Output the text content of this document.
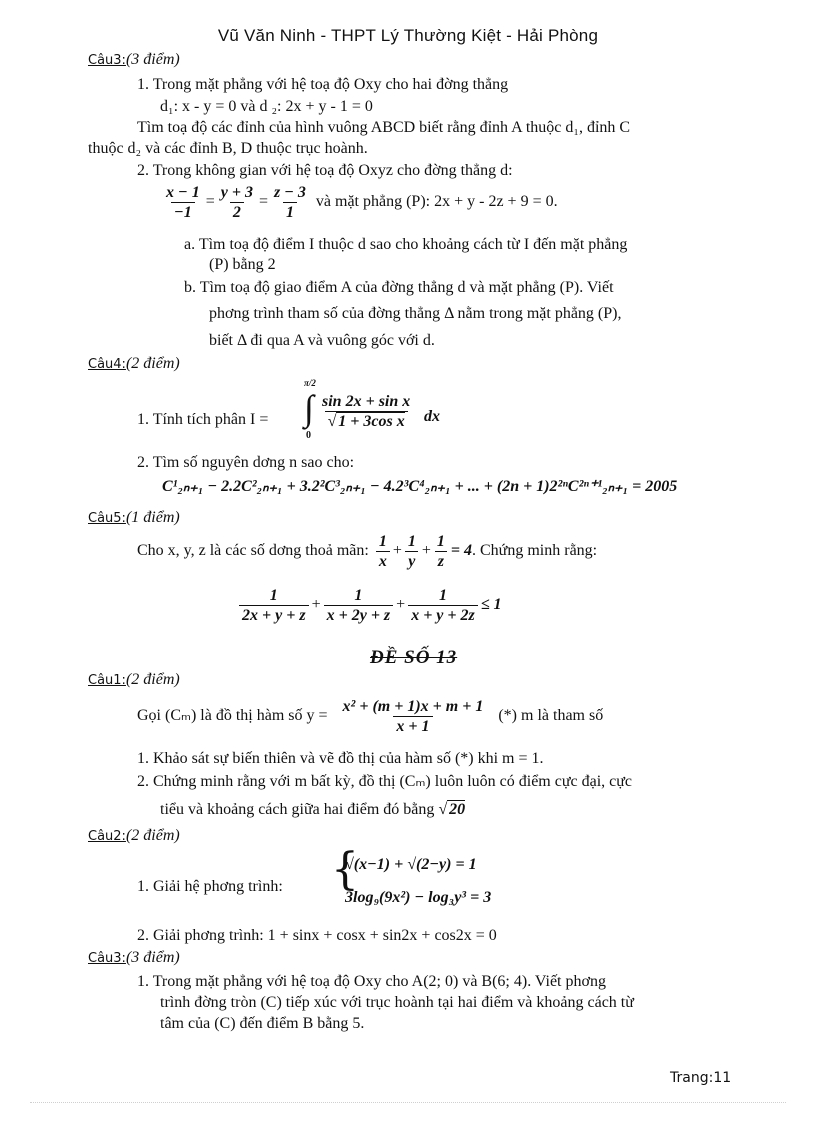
Vũ Văn Ninh - THPT Lý Thường Kiệt - Hải Phòng
Câu3:(3 điểm)
1. Trong mặt phẳng với hệ toạ độ Oxy cho hai đờng thẳng
d₁: x - y = 0 và d ₂: 2x + y - 1 = 0
Tìm toạ độ các đỉnh của hình vuông ABCD biết rằng đỉnh A thuộc d₁, đỉnh C
thuộc d₂ và các đỉnh B, D thuộc trục hoành.
2. Trong không gian với hệ toạ độ Oxyz cho đờng thẳng d:
$\frac{x - 1}{-1} = \frac{y + 3}{2} = \frac{z - 3}{1}$ và mặt phẳng (P): 2x + y - 2z + 9 = 0.
a. Tìm toạ độ điểm I thuộc d sao cho khoảng cách từ I đến mặt phẳng
(P) bằng 2
b. Tìm toạ độ giao điểm A của đờng thẳng d và mặt phẳng (P). Viết
phơng trình tham số của đờng thẳng Δ nằm trong mặt phẳng (P),
biết Δ đi qua A và vuông góc với d.
Câu4:(2 điểm)
1. Tính tích phân I =
π/2
∫
0
$\frac{\text{sin 2x + sin x}}{\text{√ 1 + 3cos x}}$ dx
2. Tìm số nguyên dơng n sao cho:
C¹₂ₙ₊₁ − 2.2C²₂ₙ₊₁ + 3.2²C³₂ₙ₊₁ − 4.2³C⁴₂ₙ₊₁ + ... + (2n + 1)2²ⁿC²ⁿ⁺¹₂ₙ₊₁ = 2005
Câu5:(1 điểm)
Cho x, y, z là các số dơng thoả mãn: $\frac{1}{x} + \frac{1}{y} + \frac{1}{z} = 4$. Chứng minh rằng:
$\frac{1}{2x + y + z} + \frac{1}{x + 2y + z} + \frac{1}{x + y + 2z} \le 1$
ĐỀ SỐ 13
Câu1:(2 điểm)
Gọi (Cₘ) là đồ thị hàm số $y = \frac{\text{x² + (m + 1)x + m + 1}}{x + 1}$ (*) m là tham số
1. Khảo sát sự biến thiên và vẽ đồ thị của hàm số (*) khi m = 1.
2. Chứng minh rằng với m bất kỳ, đồ thị (Cₘ) luôn luôn có điểm cực đại, cực
tiểu và khoảng cách giữa hai điểm đó bằng √ 20
Câu2:(2 điểm)
1. Giải hệ phơng trình: {
√(x−1) + √(2−y) = 1
3log₉(9x²) − log₃y³ = 3
2. Giải phơng trình: 1 + sinx + cosx + sin2x + cos2x = 0
Câu3:(3 điểm)
1. Trong mặt phẳng với hệ toạ độ Oxy cho A(2; 0) và B(6; 4). Viết phơng
trình đờng tròn (C) tiếp xúc với trục hoành tại hai điểm và khoảng cách từ
tâm của (C) đến điểm B bằng 5.
Trang:11
